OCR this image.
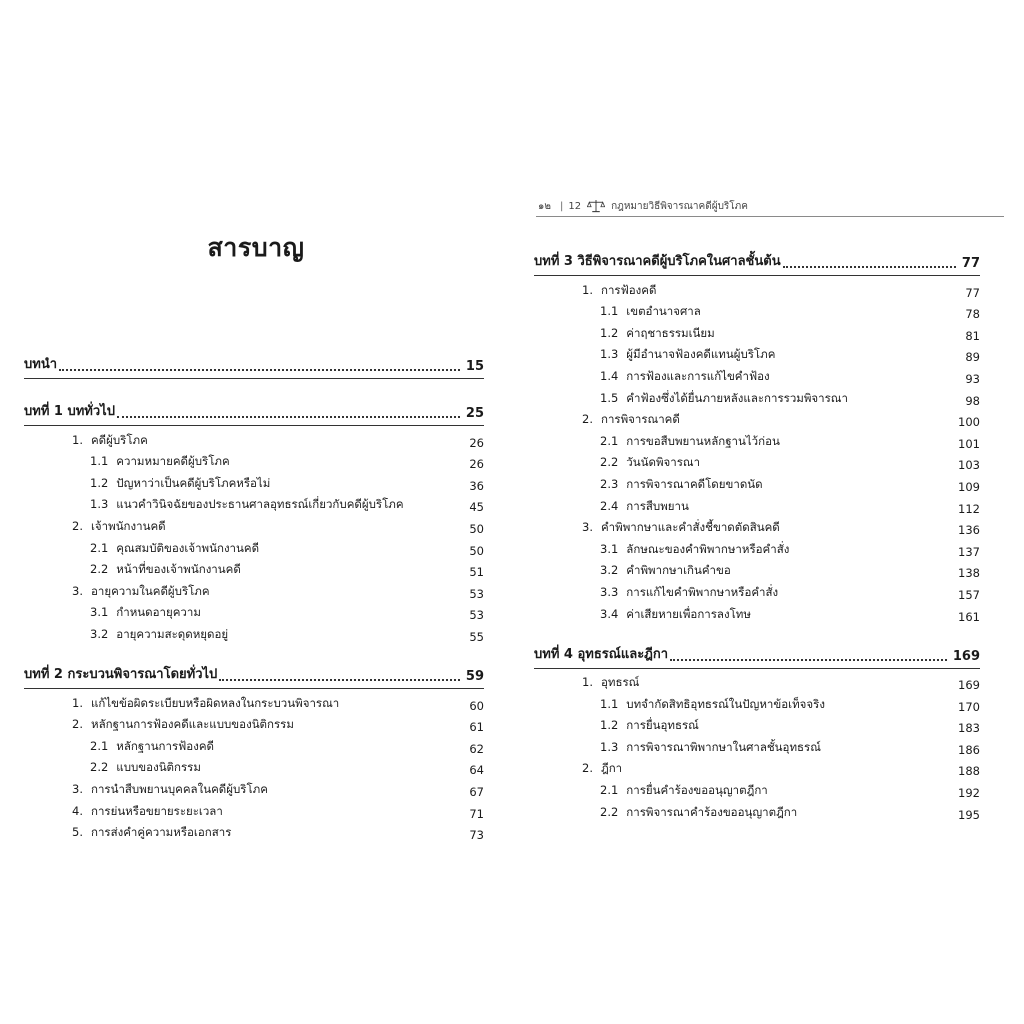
สารบาญ
บทนำ	15
บทที่ 1 บททั่วไป	25
1. คดีผู้บริโภค	26
1.1 ความหมายคดีผู้บริโภค	26
1.2 ปัญหาว่าเป็นคดีผู้บริโภคหรือไม่	36
1.3 แนวคำวินิจฉัยของประธานศาลอุทธรณ์เกี่ยวกับคดีผู้บริโภค	45
2. เจ้าพนักงานคดี	50
2.1 คุณสมบัติของเจ้าพนักงานคดี	50
2.2 หน้าที่ของเจ้าพนักงานคดี	51
3. อายุความในคดีผู้บริโภค	53
3.1 กำหนดอายุความ	53
3.2 อายุความสะดุดหยุดอยู่	55
บทที่ 2 กระบวนพิจารณาโดยทั่วไป	59
1. แก้ไขข้อผิดระเบียบหรือผิดหลงในกระบวนพิจารณา	60
2. หลักฐานการฟ้องคดีและแบบของนิติกรรม	61
2.1 หลักฐานการฟ้องคดี	62
2.2 แบบของนิติกรรม	64
3. การนำสืบพยานบุคคลในคดีผู้บริโภค	67
4. การย่นหรือขยายระยะเวลา	71
5. การส่งคำคู่ความหรือเอกสาร	73
๑๒ | 12	กฎหมายวิธีพิจารณาคดีผู้บริโภค
บทที่ 3 วิธีพิจารณาคดีผู้บริโภคในศาลชั้นต้น	77
1. การฟ้องคดี	77
1.1 เขตอำนาจศาล	78
1.2 ค่าฤชาธรรมเนียม	81
1.3 ผู้มีอำนาจฟ้องคดีแทนผู้บริโภค	89
1.4 การฟ้องและการแก้ไขคำฟ้อง	93
1.5 คำฟ้องซึ่งได้ยื่นภายหลังและการรวมพิจารณา	98
2. การพิจารณาคดี	100
2.1 การขอสืบพยานหลักฐานไว้ก่อน	101
2.2 วันนัดพิจารณา	103
2.3 การพิจารณาคดีโดยขาดนัด	109
2.4 การสืบพยาน	112
3. คำพิพากษาและคำสั่งชี้ขาดตัดสินคดี	136
3.1 ลักษณะของคำพิพากษาหรือคำสั่ง	137
3.2 คำพิพากษาเกินคำขอ	138
3.3 การแก้ไขคำพิพากษาหรือคำสั่ง	157
3.4 ค่าเสียหายเพื่อการลงโทษ	161
บทที่ 4 อุทธรณ์และฎีกา	169
1. อุทธรณ์	169
1.1 บทจำกัดสิทธิอุทธรณ์ในปัญหาข้อเท็จจริง	170
1.2 การยื่นอุทธรณ์	183
1.3 การพิจารณาพิพากษาในศาลชั้นอุทธรณ์	186
2. ฎีกา	188
2.1 การยื่นคำร้องขออนุญาตฎีกา	192
2.2 การพิจารณาคำร้องขออนุญาตฎีกา	195
